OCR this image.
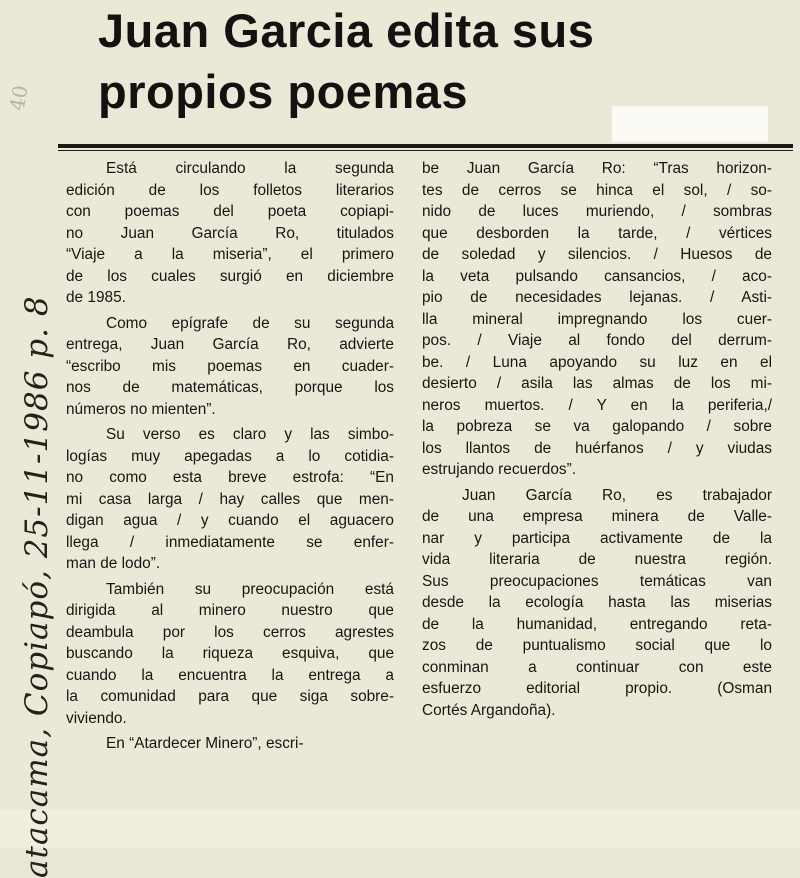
40
atacama, Copiapó, 25-11-1986 p. 8
Juan Garcia edita sus
propios poemas

Está circulando la segunda
edición de los folletos literarios
con poemas del poeta copiapi-
no Juan García Ro, titulados
“Viaje a la miseria”, el primero
de los cuales surgió en diciembre
de 1985.

Como epígrafe de su segunda
entrega, Juan García Ro, advierte
“escribo mis poemas en cuader-
nos de matemáticas, porque los
números no mienten”.

Su verso es claro y las simbo-
logías muy apegadas a lo cotidia-
no como esta breve estrofa: “En
mi casa larga / hay calles que men-
digan agua / y cuando el aguacero
llega / inmediatamente se enfer-
man de lodo”.

También su preocupación está
dirigida al minero nuestro que
deambula por los cerros agrestes
buscando la riqueza esquiva, que
cuando la encuentra la entrega a
la comunidad para que siga sobre-
viviendo.

En “Atardecer Minero”, escri-

be Juan García Ro: “Tras horizon-
tes de cerros se hinca el sol, / so-
nido de luces muriendo, / sombras
que desborden la tarde, / vértices
de soledad y silencios. / Huesos de
la veta pulsando cansancios, / aco-
pio de necesidades lejanas. / Asti-
lla mineral impregnando los cuer-
pos. / Viaje al fondo del derrum-
be. / Luna apoyando su luz en el
desierto / asila las almas de los mi-
neros muertos. / Y en la periferia,/
la pobreza se va galopando / sobre
los llantos de huérfanos / y viudas
estrujando recuerdos”.

Juan García Ro, es trabajador
de una empresa minera de Valle-
nar y participa activamente de la
vida literaria de nuestra región.
Sus preocupaciones temáticas van
desde la ecología hasta las miserias
de la humanidad, entregando reta-
zos de puntualismo social que lo
conminan a continuar con este
esfuerzo editorial propio. (Osman
Cortés Argandoña).
